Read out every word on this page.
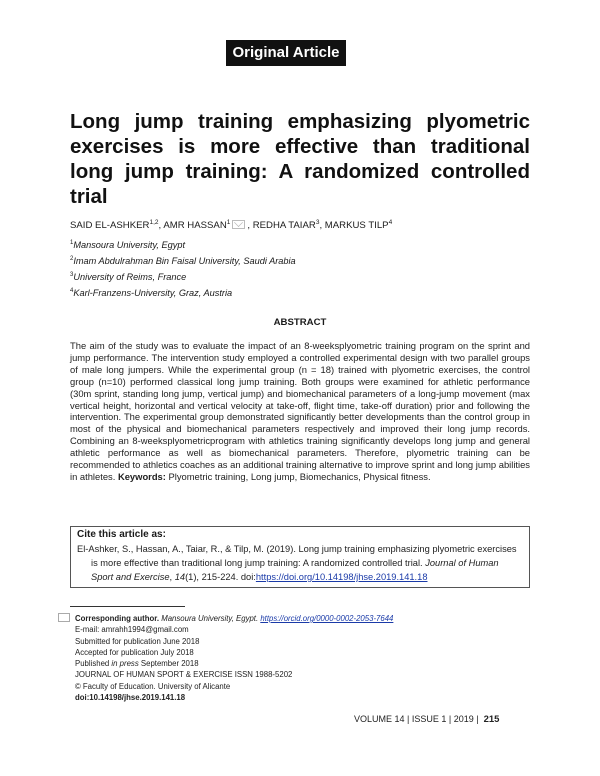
Original Article
Long jump training emphasizing plyometric exercises is more effective than traditional long jump training: A randomized controlled trial
SAID EL-ASHKER$^{1,2}$, AMR HASSAN$^1$ , REDHA TAIAR$^3$, MARKUS TILP$^4$
$^1$Mansoura University, Egypt
$^2$Imam Abdulrahman Bin Faisal University, Saudi Arabia
$^3$University of Reims, France
$^4$Karl-Franzens-University, Graz, Austria
ABSTRACT
The aim of the study was to evaluate the impact of an 8-weeksplyometric training program on the sprint and jump performance. The intervention study employed a controlled experimental design with two parallel groups of male long jumpers. While the experimental group (n = 18) trained with plyometric exercises, the control group (n=10) performed classical long jump training. Both groups were examined for athletic performance (30m sprint, standing long jump, vertical jump) and biomechanical parameters of a long-jump movement (max vertical height, horizontal and vertical velocity at take-off, flight time, take-off duration) prior and following the intervention. The experimental group demonstrated significantly better developments than the control group in most of the physical and biomechanical parameters respectively and improved their long jump records. Combining an 8-weeksplyometricprogram with athletics training significantly develops long jump and general athletic performance as well as biomechanical parameters. Therefore, plyometric training can be recommended to athletics coaches as an additional training alternative to improve sprint and long jump abilities in athletes. Keywords: Plyometric training, Long jump, Biomechanics, Physical fitness.
Cite this article as:
El-Ashker, S., Hassan, A., Taiar, R., & Tilp, M. (2019). Long jump training emphasizing plyometric exercises is more effective than traditional long jump training: A randomized controlled trial. Journal of Human Sport and Exercise, 14(1), 215-224. doi:https://doi.org/10.14198/jhse.2019.141.18
Corresponding author. Mansoura University, Egypt. https://orcid.org/0000-0002-2053-7644
E-mail: amrahh1994@gmail.com
Submitted for publication June 2018
Accepted for publication July 2018
Published in press September 2018
JOURNAL OF HUMAN SPORT & EXERCISE ISSN 1988-5202
© Faculty of Education. University of Alicante
doi:10.14198/jhse.2019.141.18
VOLUME 14 | ISSUE 1 | 2019 | 215
